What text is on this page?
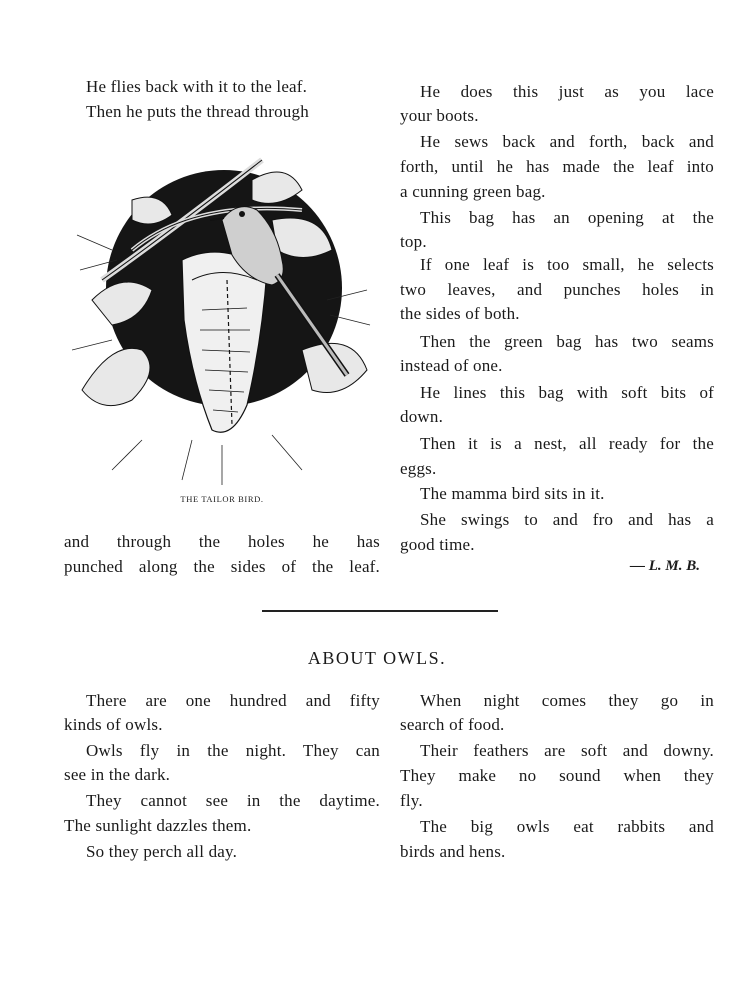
He flies back with it to the leaf.
Then he puts the thread through
THE TAILOR BIRD.
and through the holes he has
punched along the sides of the leaf.
He does this just as you lace
your boots.
He sews back and forth, back and
forth, until he has made the leaf into
a cunning green bag.
This bag has an opening at the
top.
If one leaf is too small, he selects
two leaves, and punches holes in
the sides of both.
Then the green bag has two seams
instead of one.
He lines this bag with soft bits of
down.
Then it is a nest, all ready for the
eggs.
The mamma bird sits in it.
She swings to and fro and has a
good time.
— L. M. B.
ABOUT OWLS.
There are one hundred and fifty
kinds of owls.
Owls fly in the night. They can
see in the dark.
They cannot see in the daytime.
The sunlight dazzles them.
So they perch all day.
When night comes they go in
search of food.
Their feathers are soft and downy.
They make no sound when they
fly.
The big owls eat rabbits and
birds and hens.
